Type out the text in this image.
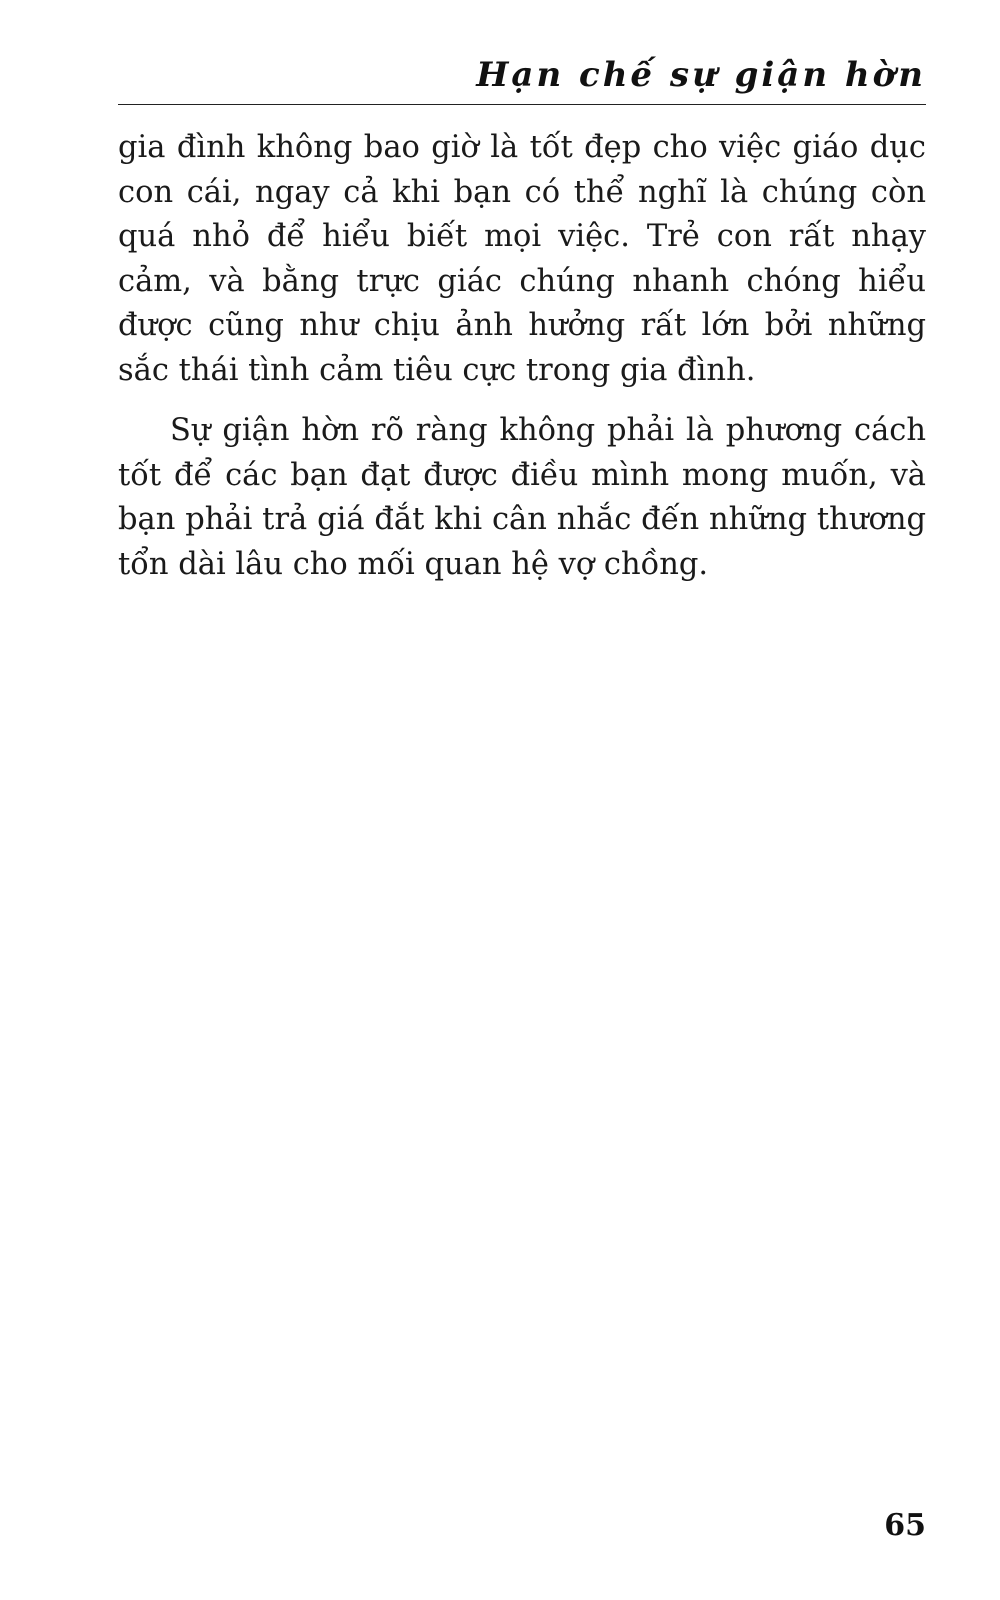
Hạn chế sự giận hờn

gia đình không bao giờ là tốt đẹp cho việc giáo dục con cái, ngay cả khi bạn có thể nghĩ là chúng còn quá nhỏ để hiểu biết mọi việc. Trẻ con rất nhạy cảm, và bằng trực giác chúng nhanh chóng hiểu được cũng như chịu ảnh hưởng rất lớn bởi những sắc thái tình cảm tiêu cực trong gia đình.

Sự giận hờn rõ ràng không phải là phương cách tốt để các bạn đạt được điều mình mong muốn, và bạn phải trả giá đắt khi cân nhắc đến những thương tổn dài lâu cho mối quan hệ vợ chồng.

65
